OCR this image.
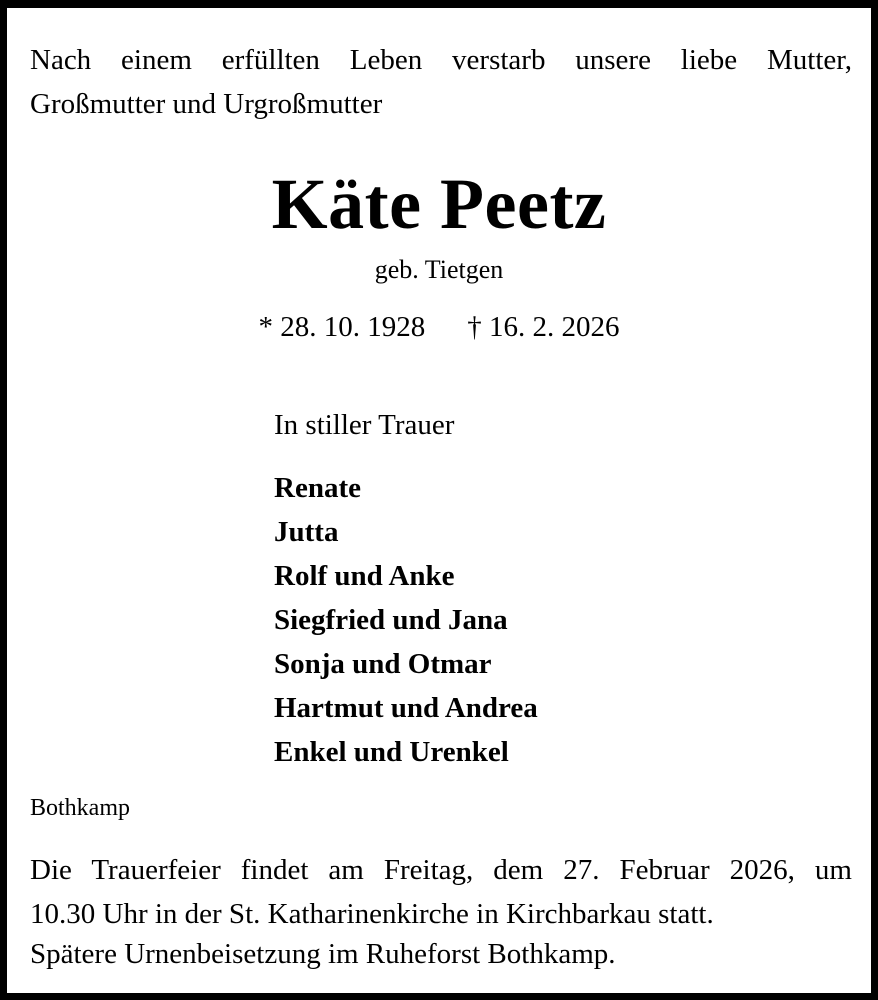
Nach einem erfüllten Leben verstarb unsere liebe Mutter,
Großmutter und Urgroßmutter
Käte Peetz
geb. Tietgen
* 28. 10. 1928 † 16. 2. 2026
In stiller Trauer
Renate
Jutta
Rolf und Anke
Siegfried und Jana
Sonja und Otmar
Hartmut und Andrea
Enkel und Urenkel
Bothkamp
Die Trauerfeier findet am Freitag, dem 27. Februar 2026, um
10.30 Uhr in der St. Katharinenkirche in Kirchbarkau statt.
Spätere Urnenbeisetzung im Ruheforst Bothkamp.
